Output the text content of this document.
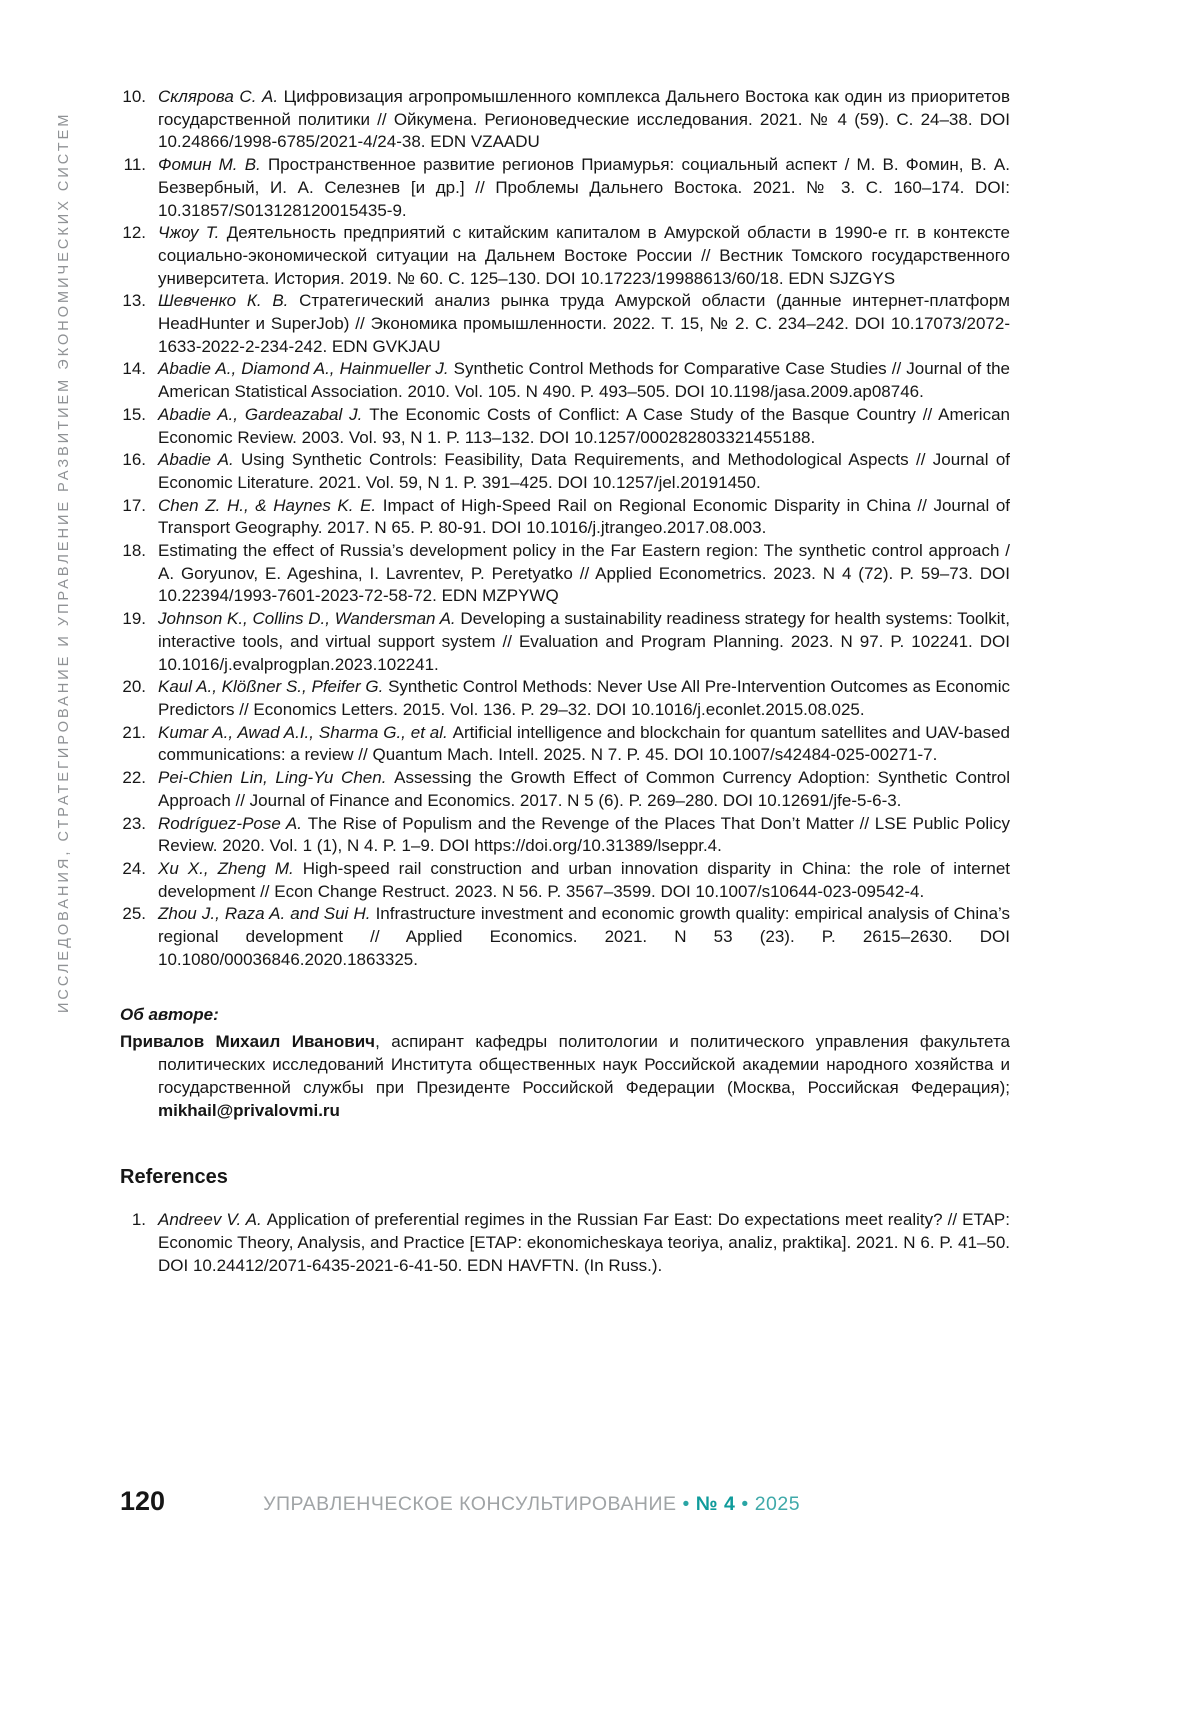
ИССЛЕДОВАНИЯ, СТРАТЕГИРОВАНИЕ И УПРАВЛЕНИЕ РАЗВИТИЕМ ЭКОНОМИЧЕСКИХ СИСТЕМ
10. Склярова С. А. Цифровизация агропромышленного комплекса Дальнего Востока как один из приоритетов государственной политики // Ойкумена. Регионоведческие исследования. 2021. № 4 (59). С. 24–38. DOI 10.24866/1998-6785/2021-4/24-38. EDN VZAADU
11. Фомин М. В. Пространственное развитие регионов Приамурья: социальный аспект / М. В. Фомин, В. А. Безвербный, И. А. Селезнев [и др.] // Проблемы Дальнего Востока. 2021. № 3. С. 160–174. DOI: 10.31857/S013128120015435-9.
12. Чжоу Т. Деятельность предприятий с китайским капиталом в Амурской области в 1990-е гг. в контексте социально-экономической ситуации на Дальнем Востоке России // Вестник Томского государственного университета. История. 2019. № 60. С. 125–130. DOI 10.17223/19988613/60/18. EDN SJZGYS
13. Шевченко К. В. Стратегический анализ рынка труда Амурской области (данные интернет-платформ HeadHunter и SuperJob) // Экономика промышленности. 2022. Т. 15, № 2. С. 234–242. DOI 10.17073/2072-1633-2022-2-234-242. EDN GVKJAU
14. Abadie A., Diamond A., Hainmueller J. Synthetic Control Methods for Comparative Case Studies // Journal of the American Statistical Association. 2010. Vol. 105. N 490. P. 493–505. DOI 10.1198/jasa.2009.ap08746.
15. Abadie A., Gardeazabal J. The Economic Costs of Conflict: A Case Study of the Basque Country // American Economic Review. 2003. Vol. 93, N 1. P. 113–132. DOI 10.1257/000282803321455188.
16. Abadie A. Using Synthetic Controls: Feasibility, Data Requirements, and Methodological Aspects // Journal of Economic Literature. 2021. Vol. 59, N 1. P. 391–425. DOI 10.1257/jel.20191450.
17. Chen Z. H., & Haynes K. E. Impact of High-Speed Rail on Regional Economic Disparity in China // Journal of Transport Geography. 2017. N 65. P. 80-91. DOI 10.1016/j.jtrangeo.2017.08.003.
18. Estimating the effect of Russia’s development policy in the Far Eastern region: The synthetic control approach / A. Goryunov, E. Ageshina, I. Lavrentev, P. Peretyatko // Applied Econometrics. 2023. N 4 (72). P. 59–73. DOI 10.22394/1993-7601-2023-72-58-72. EDN MZPYWQ
19. Johnson K., Collins D., Wandersman A. Developing a sustainability readiness strategy for health systems: Toolkit, interactive tools, and virtual support system // Evaluation and Program Planning. 2023. N 97. P. 102241. DOI 10.1016/j.evalprogplan.2023.102241.
20. Kaul A., Klößner S., Pfeifer G. Synthetic Control Methods: Never Use All Pre-Intervention Outcomes as Economic Predictors // Economics Letters. 2015. Vol. 136. P. 29–32. DOI 10.1016/j.econlet.2015.08.025.
21. Kumar A., Awad A.I., Sharma G., et al. Artificial intelligence and blockchain for quantum satellites and UAV-based communications: a review // Quantum Mach. Intell. 2025. N 7. P. 45. DOI 10.1007/s42484-025-00271-7.
22. Pei-Chien Lin, Ling-Yu Chen. Assessing the Growth Effect of Common Currency Adoption: Synthetic Control Approach // Journal of Finance and Economics. 2017. N 5 (6). P. 269–280. DOI 10.12691/jfe-5-6-3.
23. Rodríguez-Pose A. The Rise of Populism and the Revenge of the Places That Don’t Matter // LSE Public Policy Review. 2020. Vol. 1 (1), N 4. P. 1–9. DOI https://doi.org/10.31389/lseppr.4.
24. Xu X., Zheng M. High-speed rail construction and urban innovation disparity in China: the role of internet development // Econ Change Restruct. 2023. N 56. P. 3567–3599. DOI 10.1007/s10644-023-09542-4.
25. Zhou J., Raza A. and Sui H. Infrastructure investment and economic growth quality: empirical analysis of China’s regional development // Applied Economics. 2021. N 53 (23). P. 2615–2630. DOI 10.1080/00036846.2020.1863325.

Об авторе:

Привалов Михаил Иванович, аспирант кафедры политологии и политического управления факультета политических исследований Института общественных наук Российской академии народного хозяйства и государственной службы при Президенте Российской Федерации (Москва, Российская Федерация); mikhail@privalovmi.ru

References
1. Andreev V. A. Application of preferential regimes in the Russian Far East: Do expectations meet reality? // ETAP: Economic Theory, Analysis, and Practice [ETAP: ekonomicheskaya teoriya, analiz, praktika]. 2021. N 6. P. 41–50. DOI 10.24412/2071-6435-2021-6-41-50. EDN HAVFTN. (In Russ.).
120	УПРАВЛЕНЧЕСКОЕ КОНСУЛЬТИРОВАНИЕ • № 4 • 2025
